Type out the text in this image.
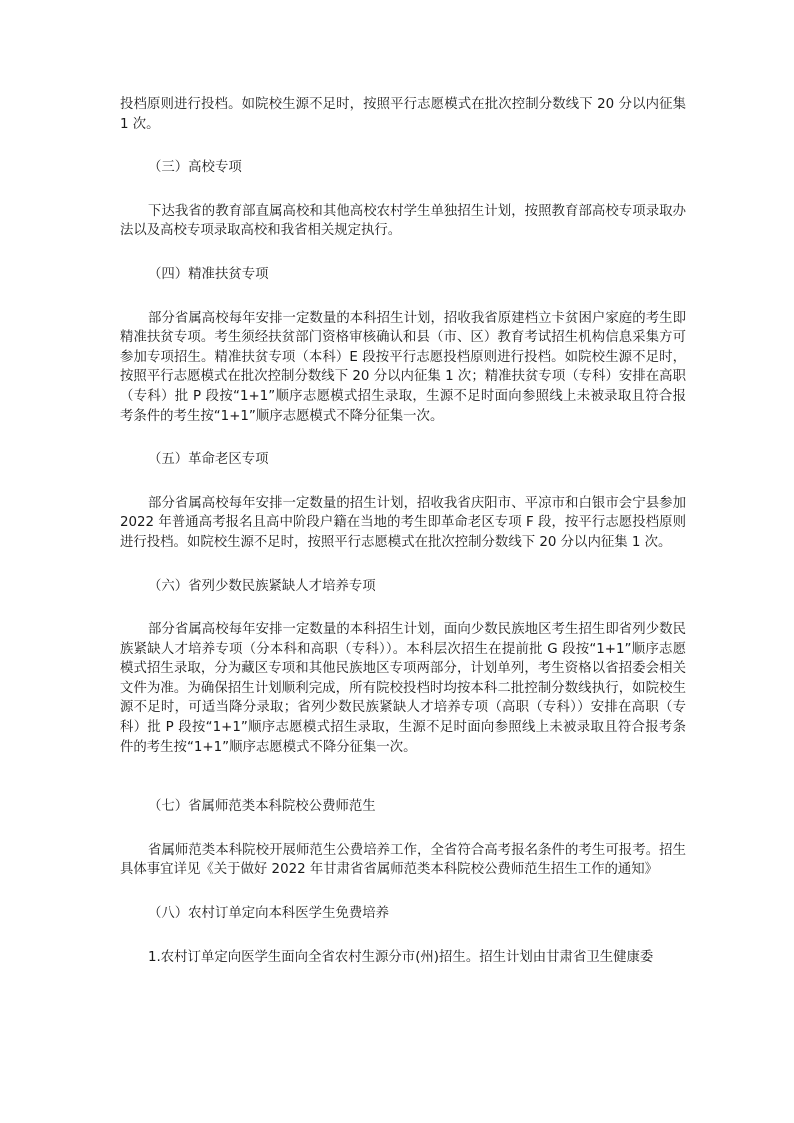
投档原则进行投档。如院校生源不足时，按照平行志愿模式在批次控制分数线下 20 分以内征集 1 次。

（三）高校专项

下达我省的教育部直属高校和其他高校农村学生单独招生计划，按照教育部高校专项录取办法以及高校专项录取高校和我省相关规定执行。

（四）精准扶贫专项

部分省属高校每年安排一定数量的本科招生计划，招收我省原建档立卡贫困户家庭的考生即精准扶贫专项。考生须经扶贫部门资格审核确认和县（市、区）教育考试招生机构信息采集方可参加专项招生。精准扶贫专项（本科）E 段按平行志愿投档原则进行投档。如院校生源不足时，按照平行志愿模式在批次控制分数线下 20 分以内征集 1 次；精准扶贫专项（专科）安排在高职（专科）批 P 段按“1+1”顺序志愿模式招生录取，生源不足时面向参照线上未被录取且符合报考条件的考生按“1+1”顺序志愿模式不降分征集一次。

（五）革命老区专项

部分省属高校每年安排一定数量的招生计划，招收我省庆阳市、平凉市和白银市会宁县参加 2022 年普通高考报名且高中阶段户籍在当地的考生即革命老区专项 F 段，按平行志愿投档原则进行投档。如院校生源不足时，按照平行志愿模式在批次控制分数线下 20 分以内征集 1 次。

（六）省列少数民族紧缺人才培养专项

部分省属高校每年安排一定数量的本科招生计划，面向少数民族地区考生招生即省列少数民族紧缺人才培养专项（分本科和高职（专科））。本科层次招生在提前批 G 段按“1+1”顺序志愿模式招生录取，分为藏区专项和其他民族地区专项两部分，计划单列，考生资格以省招委会相关文件为准。为确保招生计划顺利完成，所有院校投档时均按本科二批控制分数线执行，如院校生源不足时，可适当降分录取；省列少数民族紧缺人才培养专项（高职（专科））安排在高职（专科）批 P 段按“1+1”顺序志愿模式招生录取，生源不足时面向参照线上未被录取且符合报考条件的考生按“1+1”顺序志愿模式不降分征集一次。

（七）省属师范类本科院校公费师范生

省属师范类本科院校开展师范生公费培养工作，全省符合高考报名条件的考生可报考。招生具体事宜详见《关于做好 2022 年甘肃省省属师范类本科院校公费师范生招生工作的通知》

（八）农村订单定向本科医学生免费培养

1.农村订单定向医学生面向全省农村生源分市(州)招生。招生计划由甘肃省卫生健康委
